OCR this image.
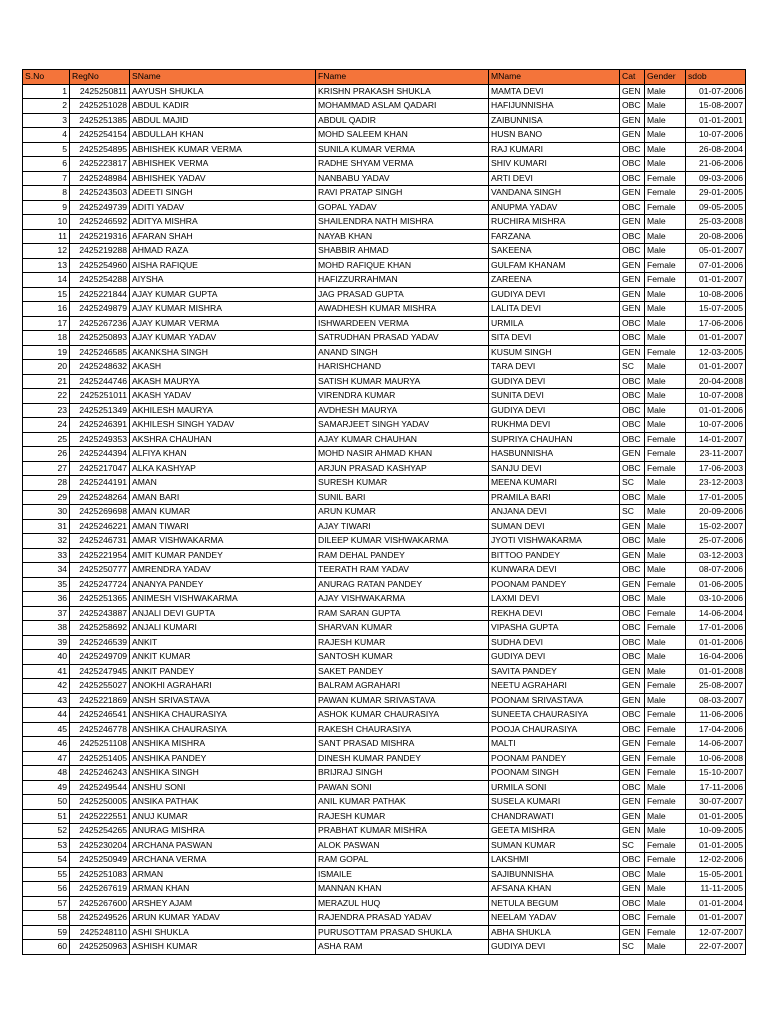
S.No	RegNo	SName	FName	MName	Cat	Gender	sdob
1	2425250811	AAYUSH SHUKLA	KRISHN PRAKASH SHUKLA	MAMTA DEVI	GEN	Male	01-07-2006
2	2425251028	ABDUL KADIR	MOHAMMAD ASLAM QADARI	HAFIJUNNISHA	OBC	Male	15-08-2007
3	2425251385	ABDUL MAJID	ABDUL QADIR	ZAIBUNNISA	GEN	Male	01-01-2001
4	2425254154	ABDULLAH KHAN	MOHD SALEEM KHAN	HUSN BANO	GEN	Male	10-07-2006
5	2425254895	ABHISHEK KUMAR VERMA	SUNILA KUMAR VERMA	RAJ KUMARI	OBC	Male	26-08-2004
6	2425223817	ABHISHEK VERMA	RADHE SHYAM VERMA	SHIV KUMARI	OBC	Male	21-06-2006
7	2425248984	ABHISHEK YADAV	NANBABU YADAV	ARTI DEVI	OBC	Female	09-03-2006
8	2425243503	ADEETI SINGH	RAVI PRATAP SINGH	VANDANA SINGH	GEN	Female	29-01-2005
9	2425249739	ADITI YADAV	GOPAL YADAV	ANUPMA YADAV	OBC	Female	09-05-2005
10	2425246592	ADITYA MISHRA	SHAILENDRA NATH MISHRA	RUCHIRA MISHRA	GEN	Male	25-03-2008
11	2425219316	AFARAN SHAH	NAYAB KHAN	FARZANA	OBC	Male	20-08-2006
12	2425219288	AHMAD RAZA	SHABBIR AHMAD	SAKEENA	OBC	Male	05-01-2007
13	2425254960	AISHA RAFIQUE	MOHD RAFIQUE KHAN	GULFAM KHANAM	GEN	Female	07-01-2006
14	2425254288	AIYSHA	HAFIZZURRAHMAN	ZAREENA	GEN	Female	01-01-2007
15	2425221844	AJAY KUMAR GUPTA	JAG PRASAD GUPTA	GUDIYA DEVI	GEN	Male	10-08-2006
16	2425249879	AJAY KUMAR MISHRA	AWADHESH KUMAR MISHRA	LALITA DEVI	GEN	Male	15-07-2005
17	2425267236	AJAY KUMAR VERMA	ISHWARDEEN VERMA	URMILA	OBC	Male	17-06-2006
18	2425250893	AJAY KUMAR YADAV	SATRUDHAN PRASAD YADAV	SITA DEVI	OBC	Male	01-01-2007
19	2425246585	AKANKSHA SINGH	ANAND SINGH	KUSUM SINGH	GEN	Female	12-03-2005
20	2425248632	AKASH	HARISHCHAND	TARA DEVI	SC	Male	01-01-2007
21	2425244746	AKASH MAURYA	SATISH KUMAR MAURYA	GUDIYA DEVI	OBC	Male	20-04-2008
22	2425251011	AKASH YADAV	VIRENDRA KUMAR	SUNITA DEVI	OBC	Male	10-07-2008
23	2425251349	AKHILESH MAURYA	AVDHESH MAURYA	GUDIYA DEVI	OBC	Male	01-01-2006
24	2425246391	AKHILESH SINGH YADAV	SAMARJEET SINGH YADAV	RUKHMA DEVI	OBC	Male	10-07-2006
25	2425249353	AKSHRA CHAUHAN	AJAY KUMAR CHAUHAN	SUPRIYA CHAUHAN	OBC	Female	14-01-2007
26	2425244394	ALFIYA KHAN	MOHD NASIR AHMAD KHAN	HASBUNNISHA	GEN	Female	23-11-2007
27	2425217047	ALKA KASHYAP	ARJUN PRASAD KASHYAP	SANJU DEVI	OBC	Female	17-06-2003
28	2425244191	AMAN	SURESH KUMAR	MEENA KUMARI	SC	Male	23-12-2003
29	2425248264	AMAN BARI	SUNIL BARI	PRAMILA BARI	OBC	Male	17-01-2005
30	2425269698	AMAN KUMAR	ARUN KUMAR	ANJANA DEVI	SC	Male	20-09-2006
31	2425246221	AMAN TIWARI	AJAY TIWARI	SUMAN DEVI	GEN	Male	15-02-2007
32	2425246731	AMAR VISHWAKARMA	DILEEP KUMAR VISHWAKARMA	JYOTI VISHWAKARMA	OBC	Male	25-07-2006
33	2425221954	AMIT KUMAR PANDEY	RAM DEHAL PANDEY	BITTOO PANDEY	GEN	Male	03-12-2003
34	2425250777	AMRENDRA YADAV	TEERATH RAM YADAV	KUNWARA DEVI	OBC	Male	08-07-2006
35	2425247724	ANANYA PANDEY	ANURAG RATAN PANDEY	POONAM PANDEY	GEN	Female	01-06-2005
36	2425251365	ANIMESH VISHWAKARMA	AJAY VISHWAKARMA	LAXMI DEVI	OBC	Male	03-10-2006
37	2425243887	ANJALI DEVI GUPTA	RAM SARAN GUPTA	REKHA DEVI	OBC	Female	14-06-2004
38	2425258692	ANJALI KUMARI	SHARVAN KUMAR	VIPASHA GUPTA	OBC	Female	17-01-2006
39	2425246539	ANKIT	RAJESH KUMAR	SUDHA DEVI	OBC	Male	01-01-2006
40	2425249709	ANKIT KUMAR	SANTOSH KUMAR	GUDIYA DEVI	OBC	Male	16-04-2006
41	2425247945	ANKIT PANDEY	SAKET PANDEY	SAVITA PANDEY	GEN	Male	01-01-2008
42	2425255027	ANOKHI AGRAHARI	BALRAM AGRAHARI	NEETU AGRAHARI	GEN	Female	25-08-2007
43	2425221869	ANSH SRIVASTAVA	PAWAN KUMAR SRIVASTAVA	POONAM SRIVASTAVA	GEN	Male	08-03-2007
44	2425246541	ANSHIKA CHAURASIYA	ASHOK KUMAR CHAURASIYA	SUNEETA CHAURASIYA	OBC	Female	11-06-2006
45	2425246778	ANSHIKA CHAURASIYA	RAKESH CHAURASIYA	POOJA CHAURASIYA	OBC	Female	17-04-2006
46	2425251108	ANSHIKA MISHRA	SANT PRASAD MISHRA	MALTI	GEN	Female	14-06-2007
47	2425251405	ANSHIKA PANDEY	DINESH KUMAR PANDEY	POONAM PANDEY	GEN	Female	10-06-2008
48	2425246243	ANSHIKA SINGH	BRIJRAJ SINGH	POONAM SINGH	GEN	Female	15-10-2007
49	2425249544	ANSHU SONI	PAWAN SONI	URMILA SONI	OBC	Male	17-11-2006
50	2425250005	ANSIKA PATHAK	ANIL KUMAR PATHAK	SUSELA KUMARI	GEN	Female	30-07-2007
51	2425222551	ANUJ KUMAR	RAJESH KUMAR	CHANDRAWATI	GEN	Male	01-01-2005
52	2425254265	ANURAG MISHRA	PRABHAT KUMAR MISHRA	GEETA MISHRA	GEN	Male	10-09-2005
53	2425230204	ARCHANA PASWAN	ALOK PASWAN	SUMAN KUMAR	SC	Female	01-01-2005
54	2425250949	ARCHANA VERMA	RAM GOPAL	LAKSHMI	OBC	Female	12-02-2006
55	2425251083	ARMAN	ISMAILE	SAJIBUNNISHA	OBC	Male	15-05-2001
56	2425267619	ARMAN KHAN	MANNAN KHAN	AFSANA KHAN	GEN	Male	11-11-2005
57	2425267600	ARSHEY AJAM	MERAZUL HUQ	NETULA BEGUM	OBC	Male	01-01-2004
58	2425249526	ARUN KUMAR YADAV	RAJENDRA PRASAD YADAV	NEELAM YADAV	OBC	Female	01-01-2007
59	2425248110	ASHI SHUKLA	PURUSOTTAM PRASAD SHUKLA	ABHA SHUKLA	GEN	Female	12-07-2007
60	2425250963	ASHISH KUMAR	ASHA RAM	GUDIYA DEVI	SC	Male	22-07-2007
